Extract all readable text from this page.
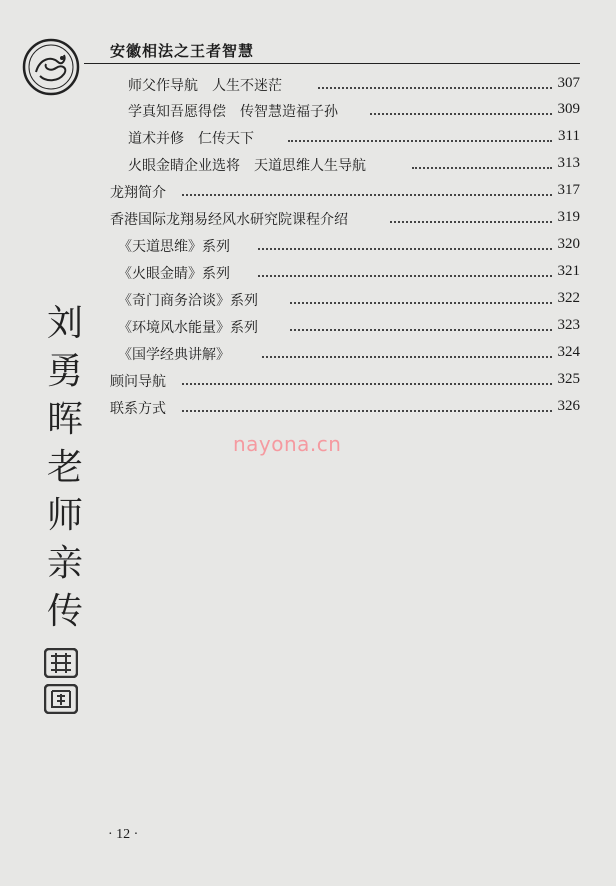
安徽相法之王者智慧
师父作导航　人生不迷茫	307
学真知吾愿得偿　传智慧造福子孙	309
道术并修　仁传天下	311
火眼金睛企业选将　天道思维人生导航	313
龙翔简介	317
香港国际龙翔易经风水研究院课程介绍	319
《天道思维》系列	320
《火眼金睛》系列	321
《奇门商务洽谈》系列	322
《环境风水能量》系列	323
《国学经典讲解》	324
顾问导航	325
联系方式	326
刘
勇
晖
老
师
亲
传
nayona.cn
· 12 ·
